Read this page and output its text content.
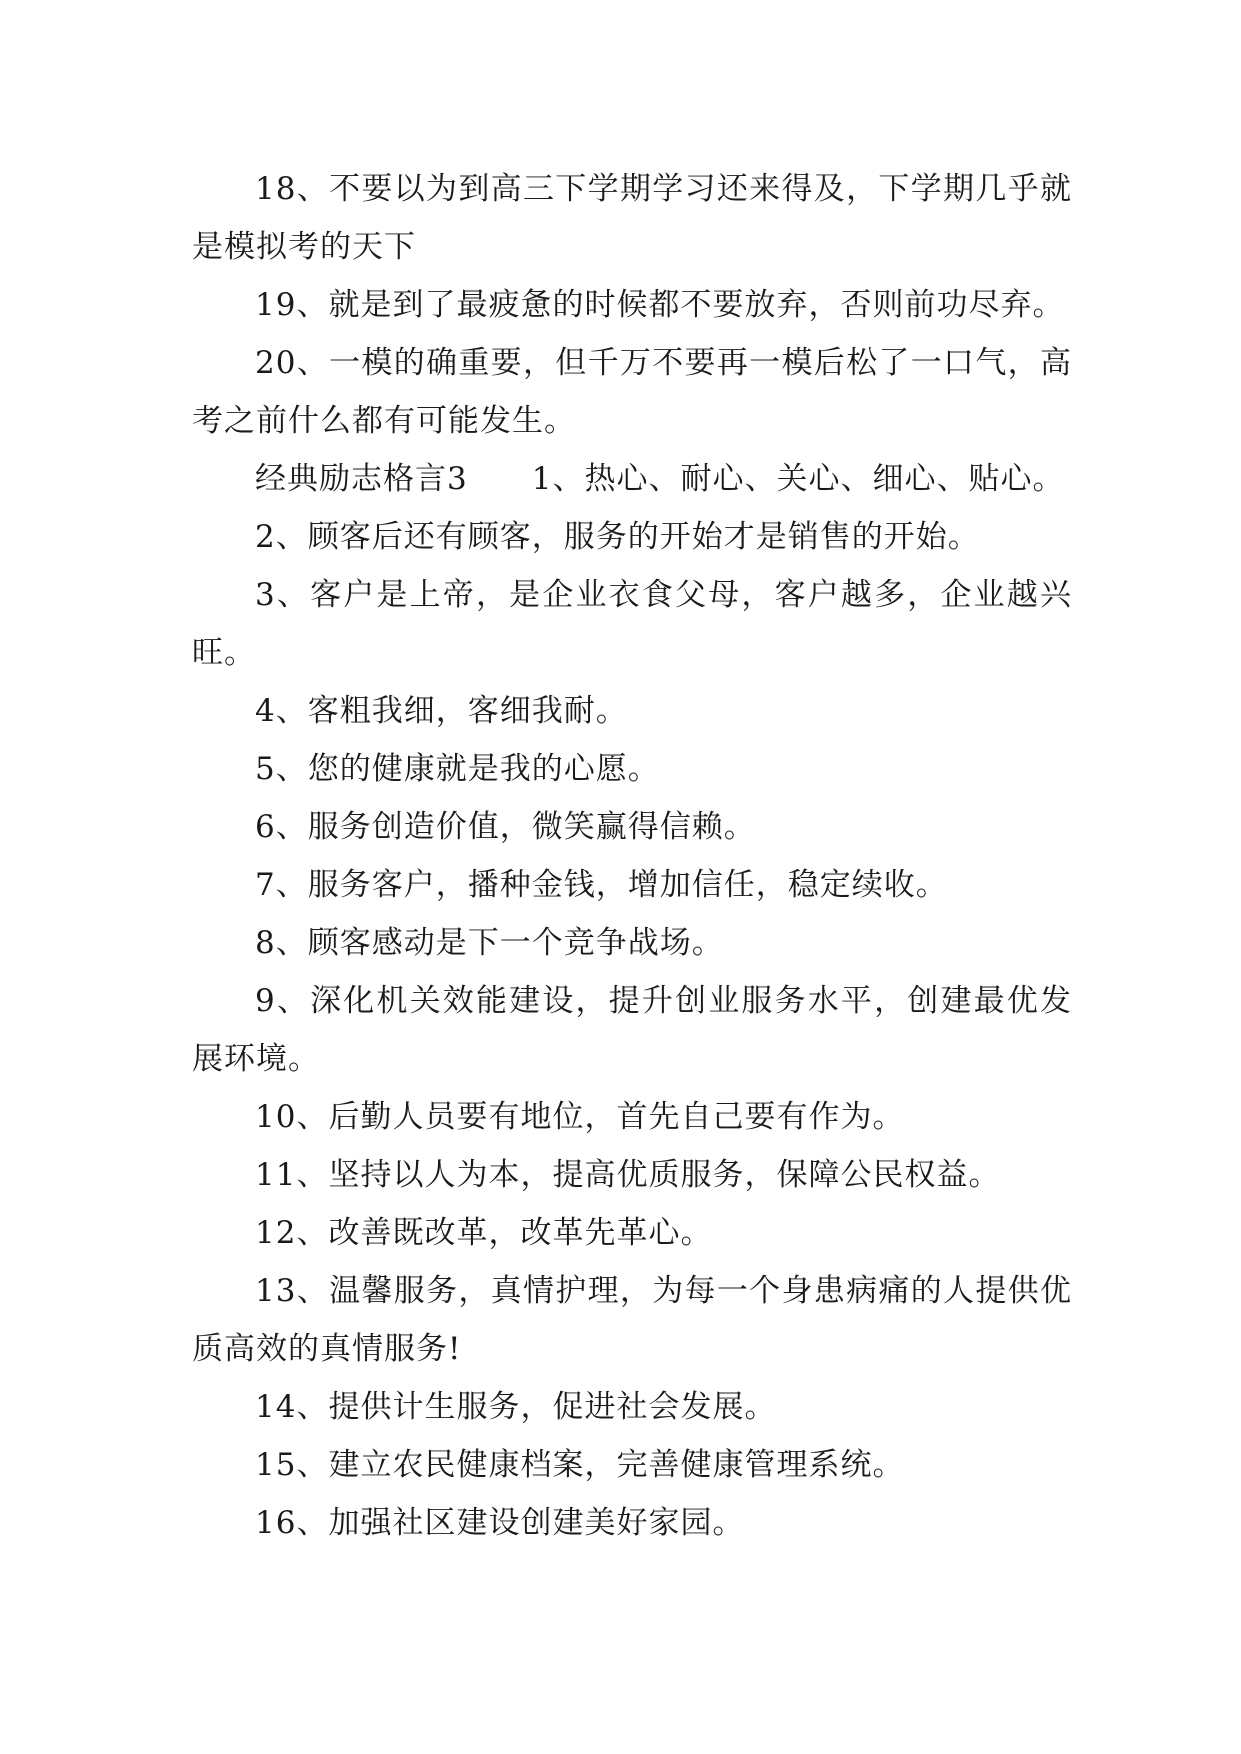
18、不要以为到高三下学期学习还来得及，下学期几乎就是模拟考的天下

19、就是到了最疲惫的时候都不要放弃，否则前功尽弃。

20、一模的确重要，但千万不要再一模后松了一口气，高考之前什么都有可能发生。

经典励志格言3　　1、热心、耐心、关心、细心、贴心。

2、顾客后还有顾客，服务的开始才是销售的开始。

3、客户是上帝，是企业衣食父母，客户越多，企业越兴旺。

4、客粗我细，客细我耐。

5、您的健康就是我的心愿。

6、服务创造价值，微笑赢得信赖。

7、服务客户，播种金钱，增加信任，稳定续收。

8、顾客感动是下一个竞争战场。

9、深化机关效能建设，提升创业服务水平，创建最优发展环境。

10、后勤人员要有地位，首先自己要有作为。

11、坚持以人为本，提高优质服务，保障公民权益。

12、改善既改革，改革先革心。

13、温馨服务，真情护理，为每一个身患病痛的人提供优质高效的真情服务!

14、提供计生服务，促进社会发展。

15、建立农民健康档案，完善健康管理系统。

16、加强社区建设创建美好家园。
